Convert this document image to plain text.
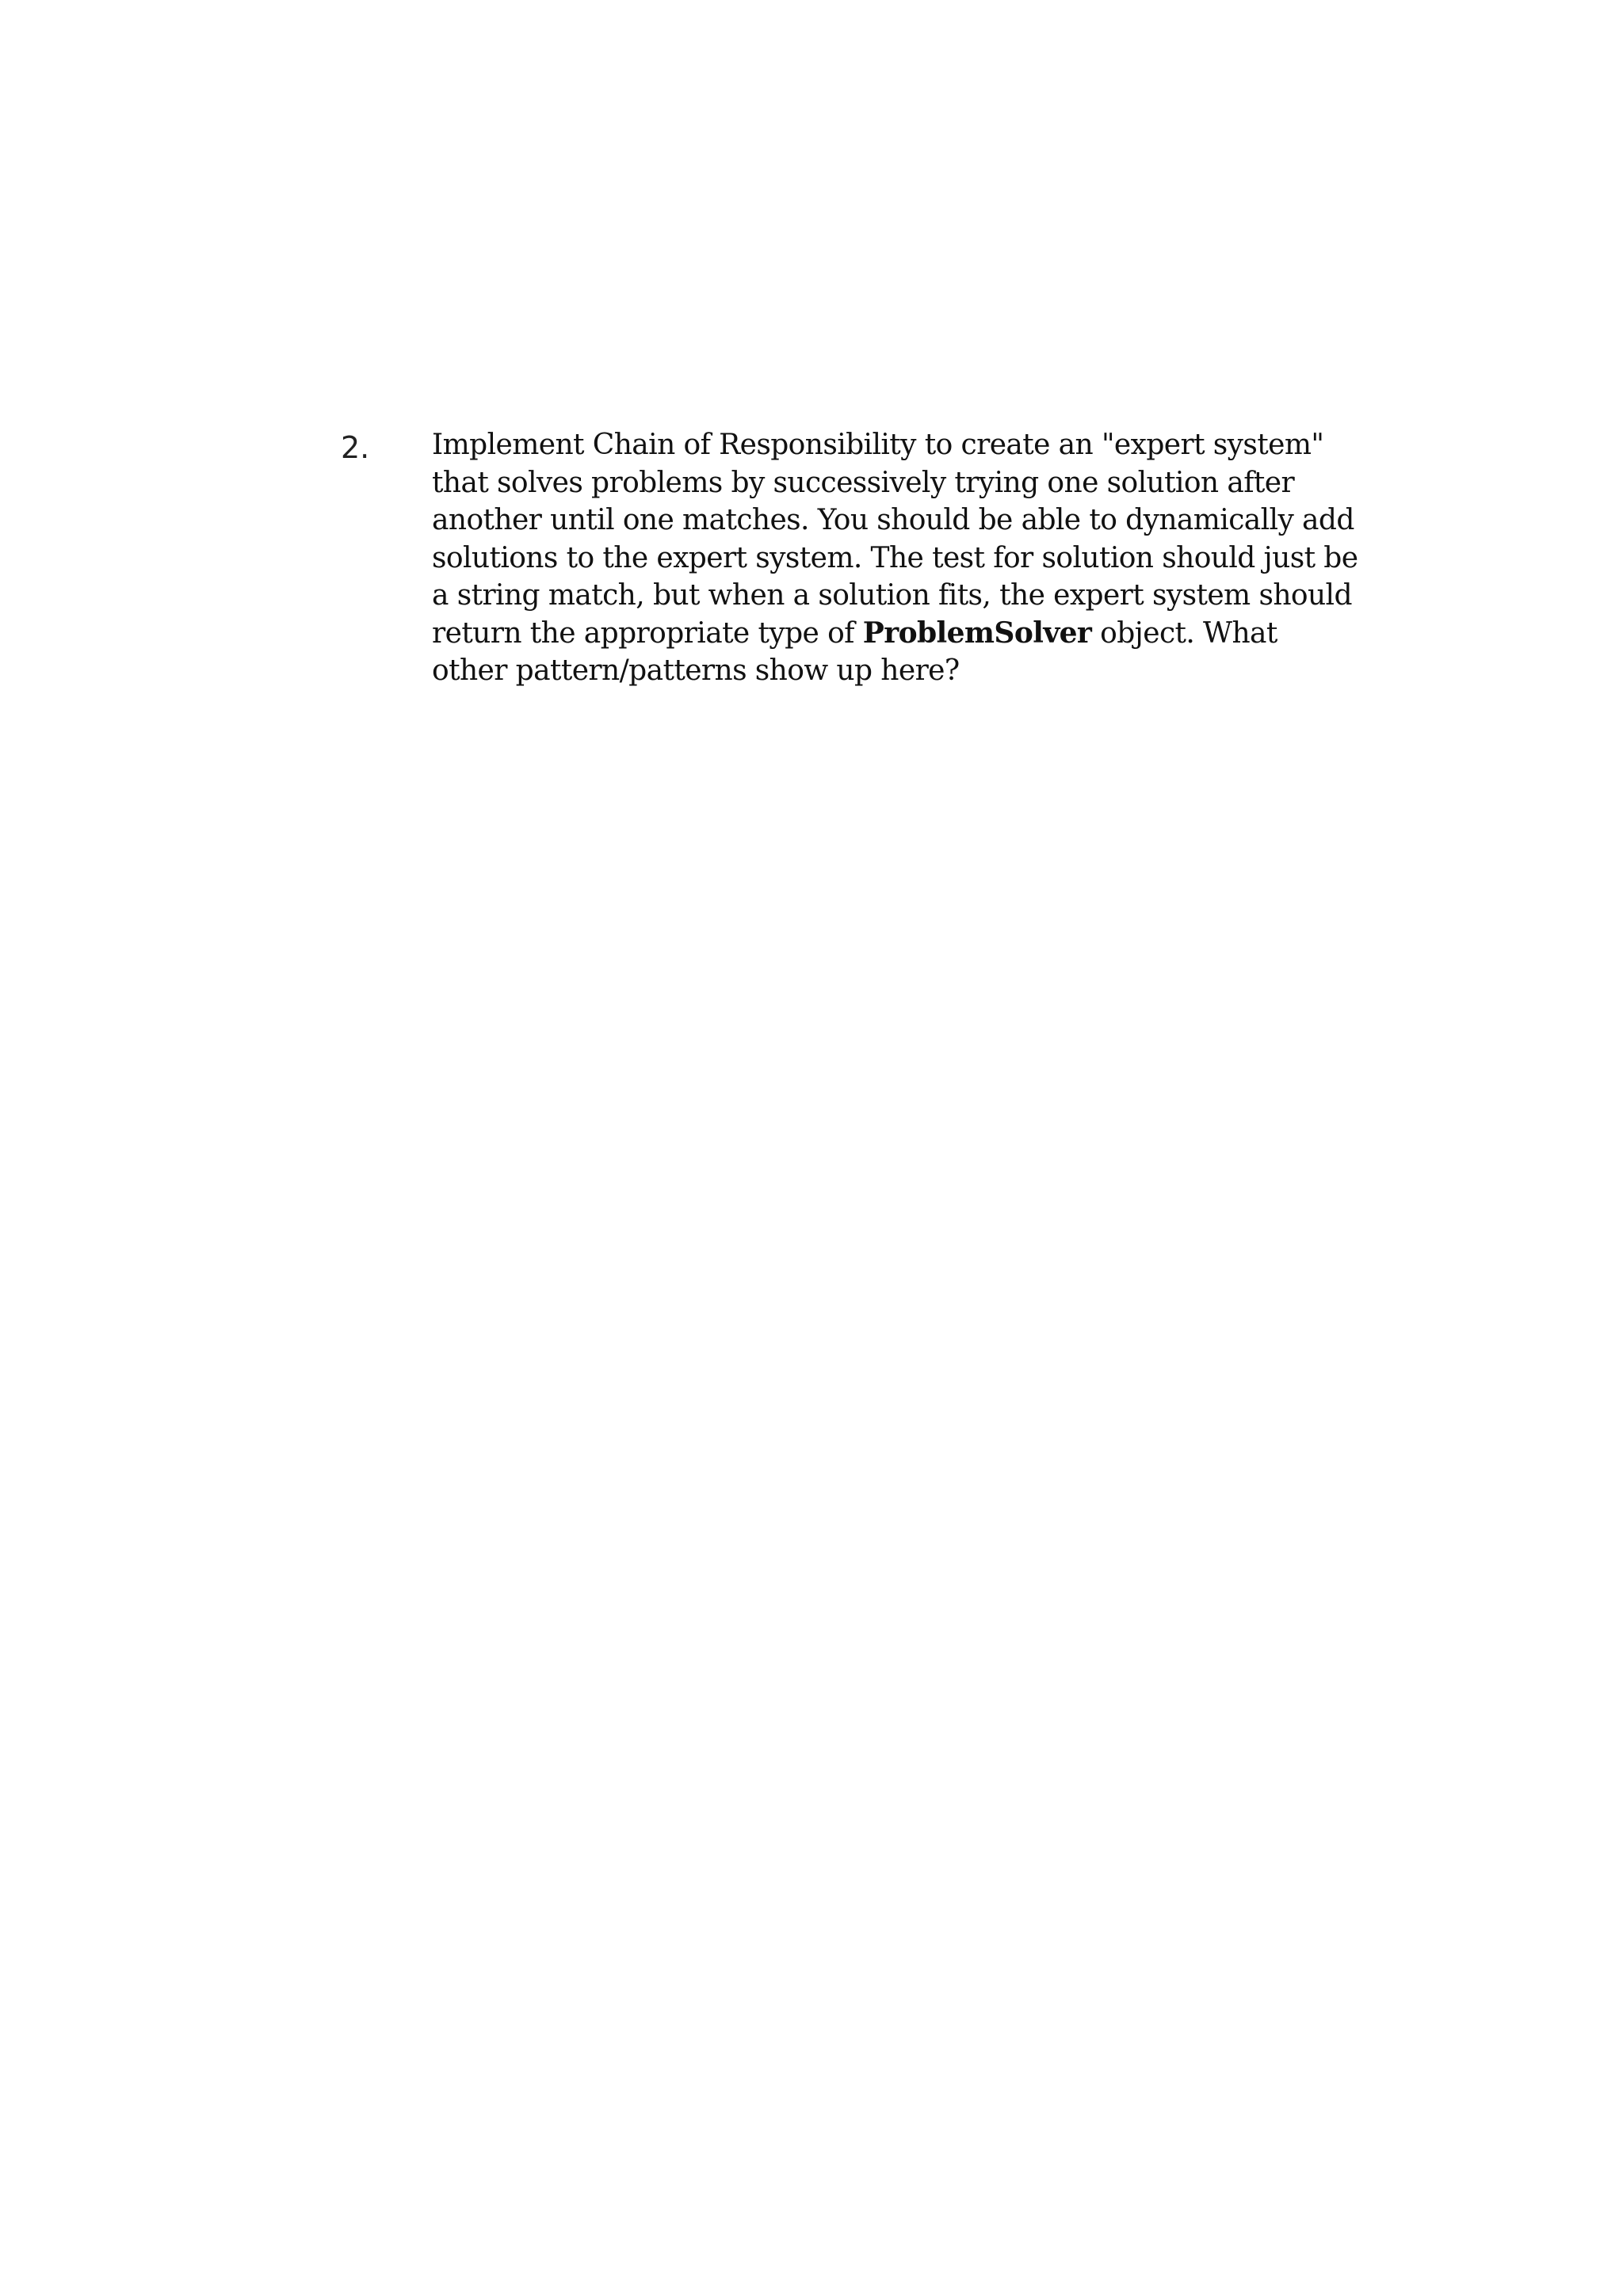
2. Implement Chain of Responsibility to create an "expert system"
that solves problems by successively trying one solution after
another until one matches. You should be able to dynamically add
solutions to the expert system. The test for solution should just be
a string match, but when a solution fits, the expert system should
return the appropriate type of ProblemSolver object. What
other pattern/patterns show up here?
